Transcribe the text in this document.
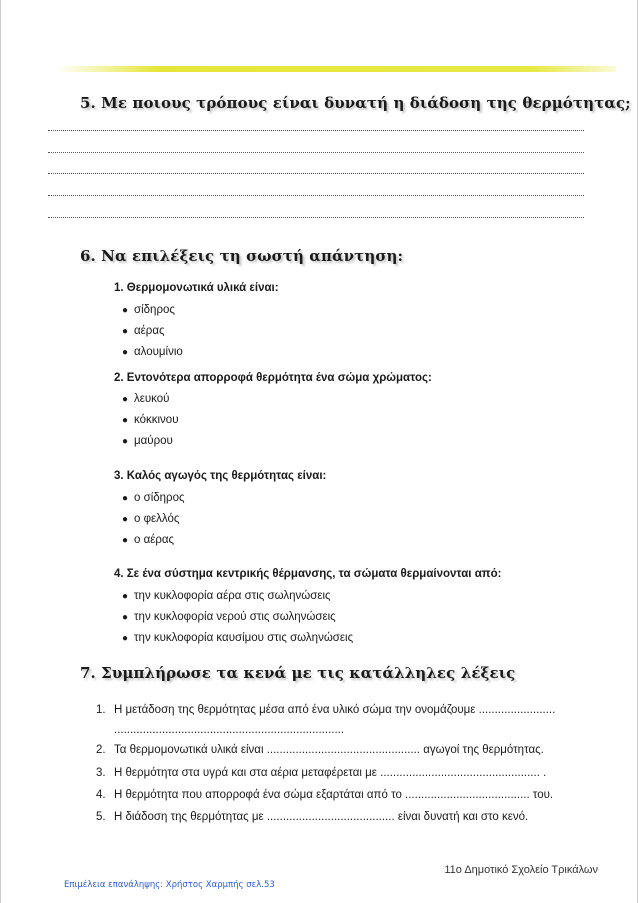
5. Με ποιους τρόπους είναι δυνατή η διάδοση της θερμότητας;
6. Να επιλέξεις τη σωστή απάντηση:
1. Θερμομονωτικά υλικά είναι:
● σίδηρος
● αέρας
● αλουμίνιο
2. Εντονότερα απορροφά θερμότητα ένα σώμα χρώματος:
● λευκού
● κόκκινου
● μαύρου
3. Καλός αγωγός της θερμότητας είναι:
● ο σίδηρος
● ο φελλός
● ο αέρας
4. Σε ένα σύστημα κεντρικής θέρμανσης, τα σώματα θερμαίνονται από:
● την κυκλοφορία αέρα στις σωληνώσεις
● την κυκλοφορία νερού στις σωληνώσεις
● την κυκλοφορία καυσίμου στις σωληνώσεις
7. Συμπλήρωσε τα κενά με τις κατάλληλες λέξεις
1. Η μετάδοση της θερμότητας μέσα από ένα υλικό σώμα την ονομάζουμε ........................
........................................................................
2. Τα θερμομονωτικά υλικά είναι ................................................ αγωγοί της θερμότητας.
3. Η θερμότητα στα υγρά και στα αέρια μεταφέρεται με .................................................. .
4. Η θερμότητα που απορροφά ένα σώμα εξαρτάται από το ....................................... του.
5. Η διάδοση της θερμότητας με ........................................ είναι δυνατή και στο κενό.
11ο Δημοτικό Σχολείο Τρικάλων
Επιμέλεια επανάληψης: Χρήστος Χαρμπής σελ.53
